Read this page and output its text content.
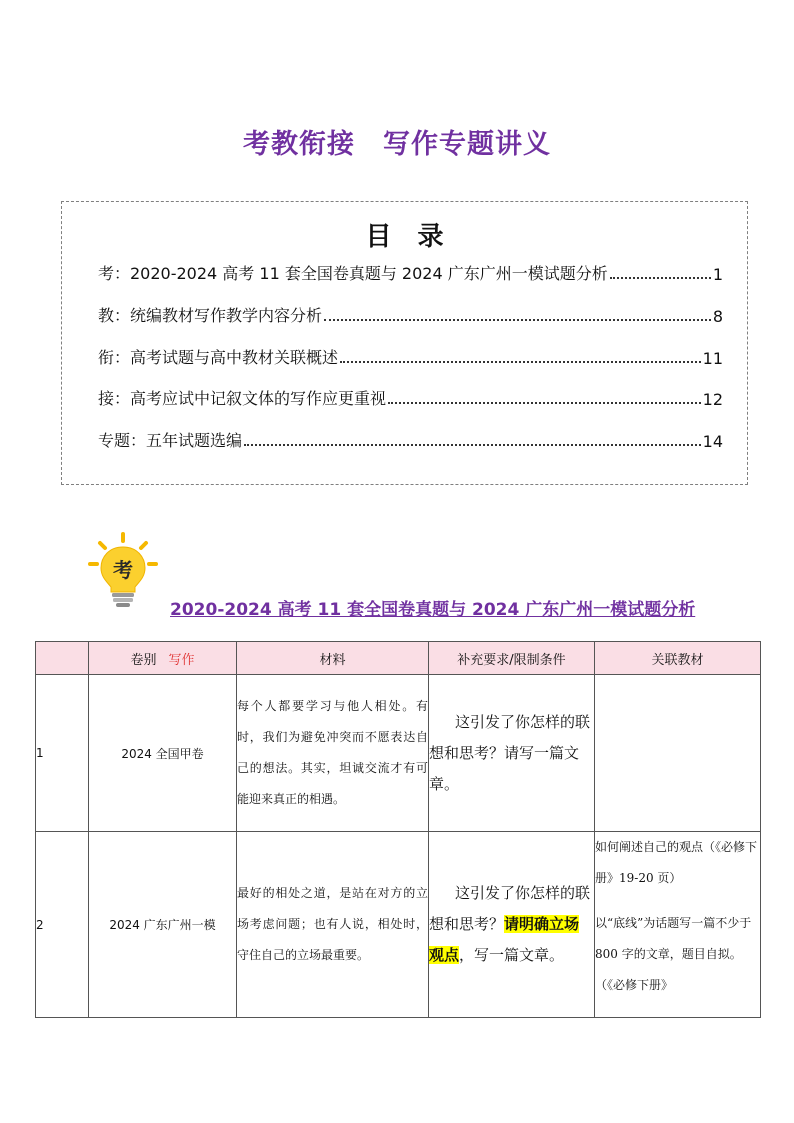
考教衔接　写作专题讲义
目　录
考：2020-2024 高考 11 套全国卷真题与 2024 广东广州一模试题分析	1
教：统编教材写作教学内容分析	8
衔：高考试题与高中教材关联概述	11
接：高考应试中记叙文体的写作应更重视	12
专题：五年试题选编	14
考
2020-2024 高考 11 套全国卷真题与 2024 广东广州一模试题分析
	卷别 写作	材料	补充要求/限制条件	关联教材
1	2024 全国甲卷	每个人都要学习与他人相处。有时，我们为避免冲突而不愿表达自己的想法。其实，坦诚交流才有可能迎来真正的相遇。	这引发了你怎样的联想和思考？请写一篇文章。	

2	2024 广东广州一模	最好的相处之道，是站在对方的立场考虑问题；也有人说，相处时，守住自己的立场最重要。	这引发了你怎样的联想和思考？请明确立场观点，写一篇文章。	如何阐述自己的观点（《必修下册》19-20 页）
以“底线”为话题写一篇不少于 800 字的文章，题目自拟。（《必修下册》
